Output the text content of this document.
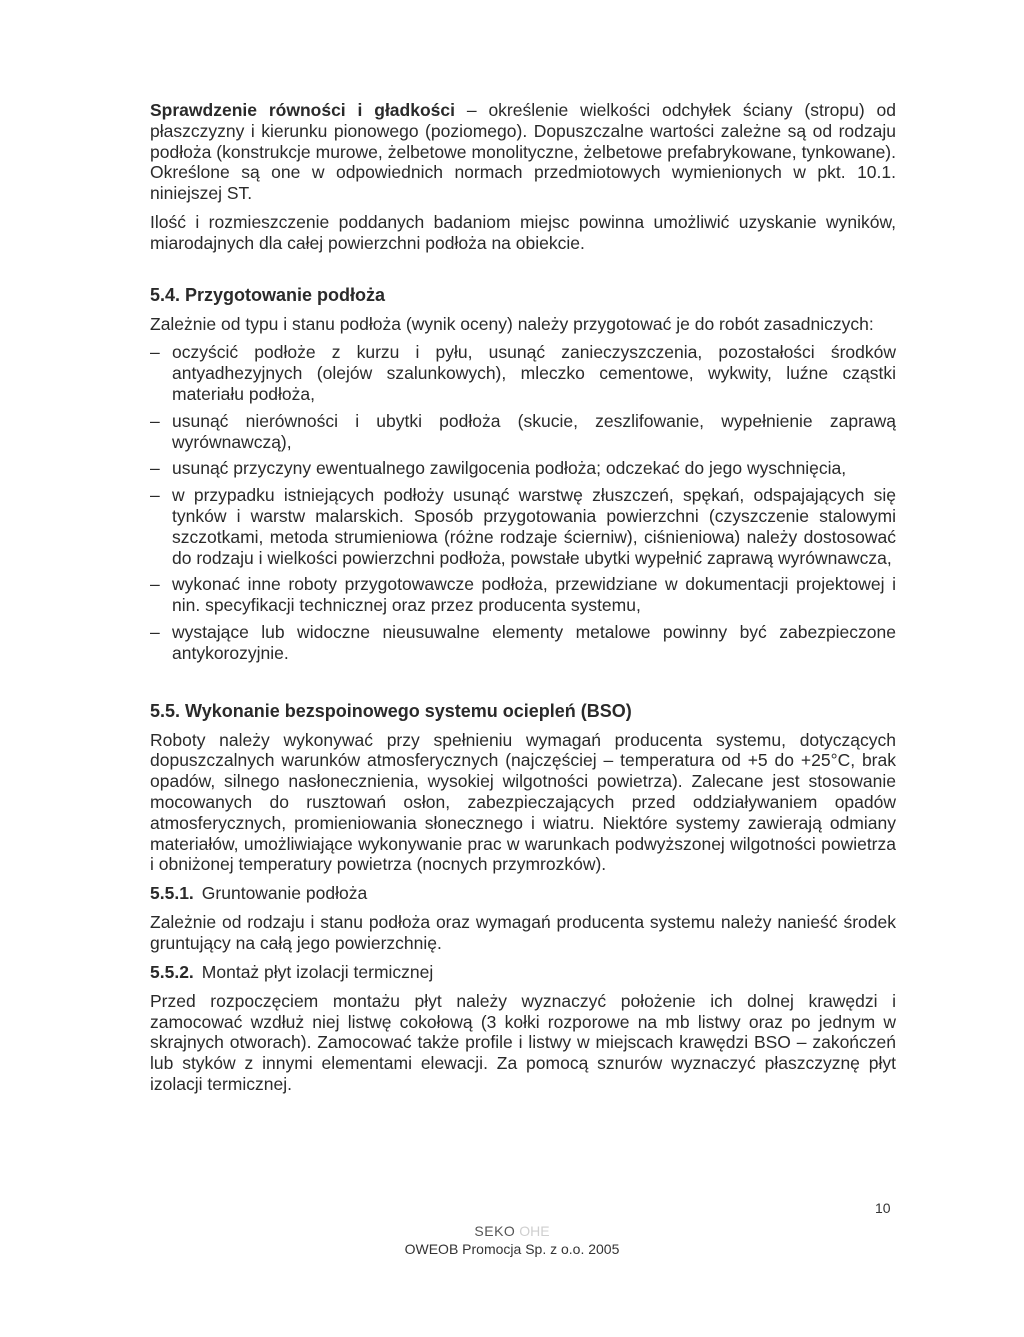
Sprawdzenie równości i gładkości – określenie wielkości odchyłek ściany (stropu) od płaszczyzny i kierunku pionowego (poziomego). Dopuszczalne wartości zależne są od rodzaju podłoża (konstrukcje murowe, żelbetowe monolityczne, żelbetowe prefabrykowane, tynkowane). Określone są one w odpowiednich normach przedmiotowych wymienionych w pkt. 10.1. niniejszej ST.

Ilość i rozmieszczenie poddanych badaniom miejsc powinna umożliwić uzyskanie wyników, miarodajnych dla całej powierzchni podłoża na obiekcie.

5.4. Przygotowanie podłoża

Zależnie od typu i stanu podłoża (wynik oceny) należy przygotować je do robót zasadniczych:

– oczyścić podłoże z kurzu i pyłu, usunąć zanieczyszczenia, pozostałości środków antyadhezyjnych (olejów szalunkowych), mleczko cementowe, wykwity, luźne cząstki materiału podłoża,
– usunąć nierówności i ubytki podłoża (skucie, zeszlifowanie, wypełnienie zaprawą wyrównawczą),
– usunąć przyczyny ewentualnego zawilgocenia podłoża; odczekać do jego wyschnięcia,
– w przypadku istniejących podłoży usunąć warstwę złuszczeń, spękań, odspajających się tynków i warstw malarskich. Sposób przygotowania powierzchni (czyszczenie stalowymi szczotkami, metoda strumieniowa (różne rodzaje ścierniw), ciśnieniowa) należy dostosować do rodzaju i wielkości powierzchni podłoża, powstałe ubytki wypełnić zaprawą wyrównawcza,
– wykonać inne roboty przygotowawcze podłoża, przewidziane w dokumentacji projektowej i nin. specyfikacji technicznej oraz przez producenta systemu,
– wystające lub widoczne nieusuwalne elementy metalowe powinny być zabezpieczone antykorozyjnie.
5.5. Wykonanie bezspoinowego systemu ociepleń (BSO)

Roboty należy wykonywać przy spełnieniu wymagań producenta systemu, dotyczących dopuszczalnych warunków atmosferycznych (najczęściej – temperatura od +5 do +25°C, brak opadów, silnego nasłonecznienia, wysokiej wilgotności powietrza). Zalecane jest stosowanie mocowanych do rusztowań osłon, zabezpieczających przed oddziaływaniem opadów atmosferycznych, promieniowania słonecznego i wiatru. Niektóre systemy zawierają odmiany materiałów, umożliwiające wykonywanie prac w warunkach podwyższonej wilgotności powietrza i obniżonej temperatury powietrza (nocnych przymrozków).

5.5.1. Gruntowanie podłoża

Zależnie od rodzaju i stanu podłoża oraz wymagań producenta systemu należy nanieść środek gruntujący na całą jego powierzchnię.

5.5.2. Montaż płyt izolacji termicznej

Przed rozpoczęciem montażu płyt należy wyznaczyć położenie ich dolnej krawędzi i zamocować wzdłuż niej listwę cokołową (3 kołki rozporowe na mb listwy oraz po jednym w skrajnych otworach). Zamocować także profile i listwy w miejscach krawędzi BSO – zakończeń lub styków z innymi elementami elewacji. Za pomocą sznurów wyznaczyć płaszczyznę płyt izolacji termicznej.

10
SEKO ОНЕ
OWEOB Promocja Sp. z o.o. 2005
